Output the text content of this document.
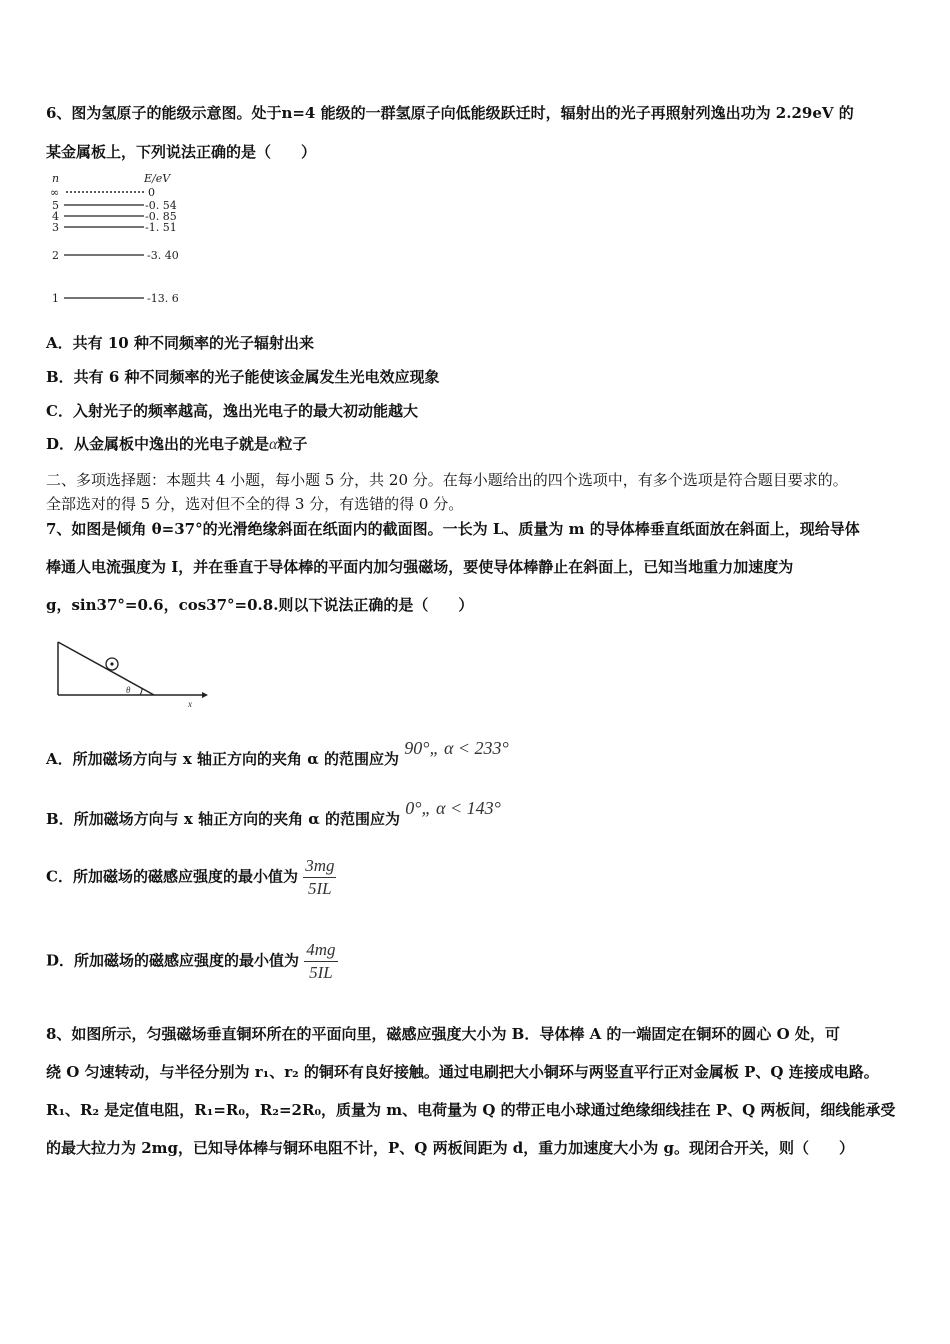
6、图为氢原子的能级示意图。处于n=4 能级的一群氢原子向低能级跃迁时，辐射出的光子再照射列逸出功为 2.29eV 的
某金属板上，下列说法正确的是（　　）
n	E/eV
∞	0
5	-0. 54
4	-0. 85
3	-1. 51
2	-3. 40
1	-13. 6
A．共有 10 种不同频率的光子辐射出来
B．共有 6 种不同频率的光子能使该金属发生光电效应现象
C．入射光子的频率越高，逸出光电子的最大初动能越大
D．从金属板中逸出的光电子就是α粒子
二、多项选择题：本题共 4 小题，每小题 5 分，共 20 分。在每小题给出的四个选项中，有多个选项是符合题目要求的。
全部选对的得 5 分，选对但不全的得 3 分，有选错的得 0 分。
7、如图是倾角 θ=37°的光滑绝缘斜面在纸面内的截面图。一长为 L、质量为 m 的导体棒垂直纸面放在斜面上，现给导体
棒通人电流强度为 I，并在垂直于导体棒的平面内加匀强磁场，要使导体棒静止在斜面上，已知当地重力加速度为
g，sin37°=0.6，cos37°=0.8.则以下说法正确的是（　　）
θ
x
A．所加磁场方向与 x 轴正方向的夹角 α 的范围应为 90°„ α < 233°
B．所加磁场方向与 x 轴正方向的夹角 α 的范围应为 0°„ α < 143°
C．所加磁场的磁感应强度的最小值为 $\frac{3mg}{5IL}$
D．所加磁场的磁感应强度的最小值为 $\frac{4mg}{5IL}$
8、如图所示，匀强磁场垂直铜环所在的平面向里，磁感应强度大小为 B．导体棒 A 的一端固定在铜环的圆心 O 处，可
绕 O 匀速转动，与半径分别为 r₁、r₂ 的铜环有良好接触。通过电刷把大小铜环与两竖直平行正对金属板 P、Q 连接成电路。
R₁、R₂ 是定值电阻，R₁=R₀，R₂=2R₀，质量为 m、电荷量为 Q 的带正电小球通过绝缘细线挂在 P、Q 两板间，细线能承受
的最大拉力为 2mg，已知导体棒与铜环电阻不计，P、Q 两板间距为 d，重力加速度大小为 g。现闭合开关，则（　　）
